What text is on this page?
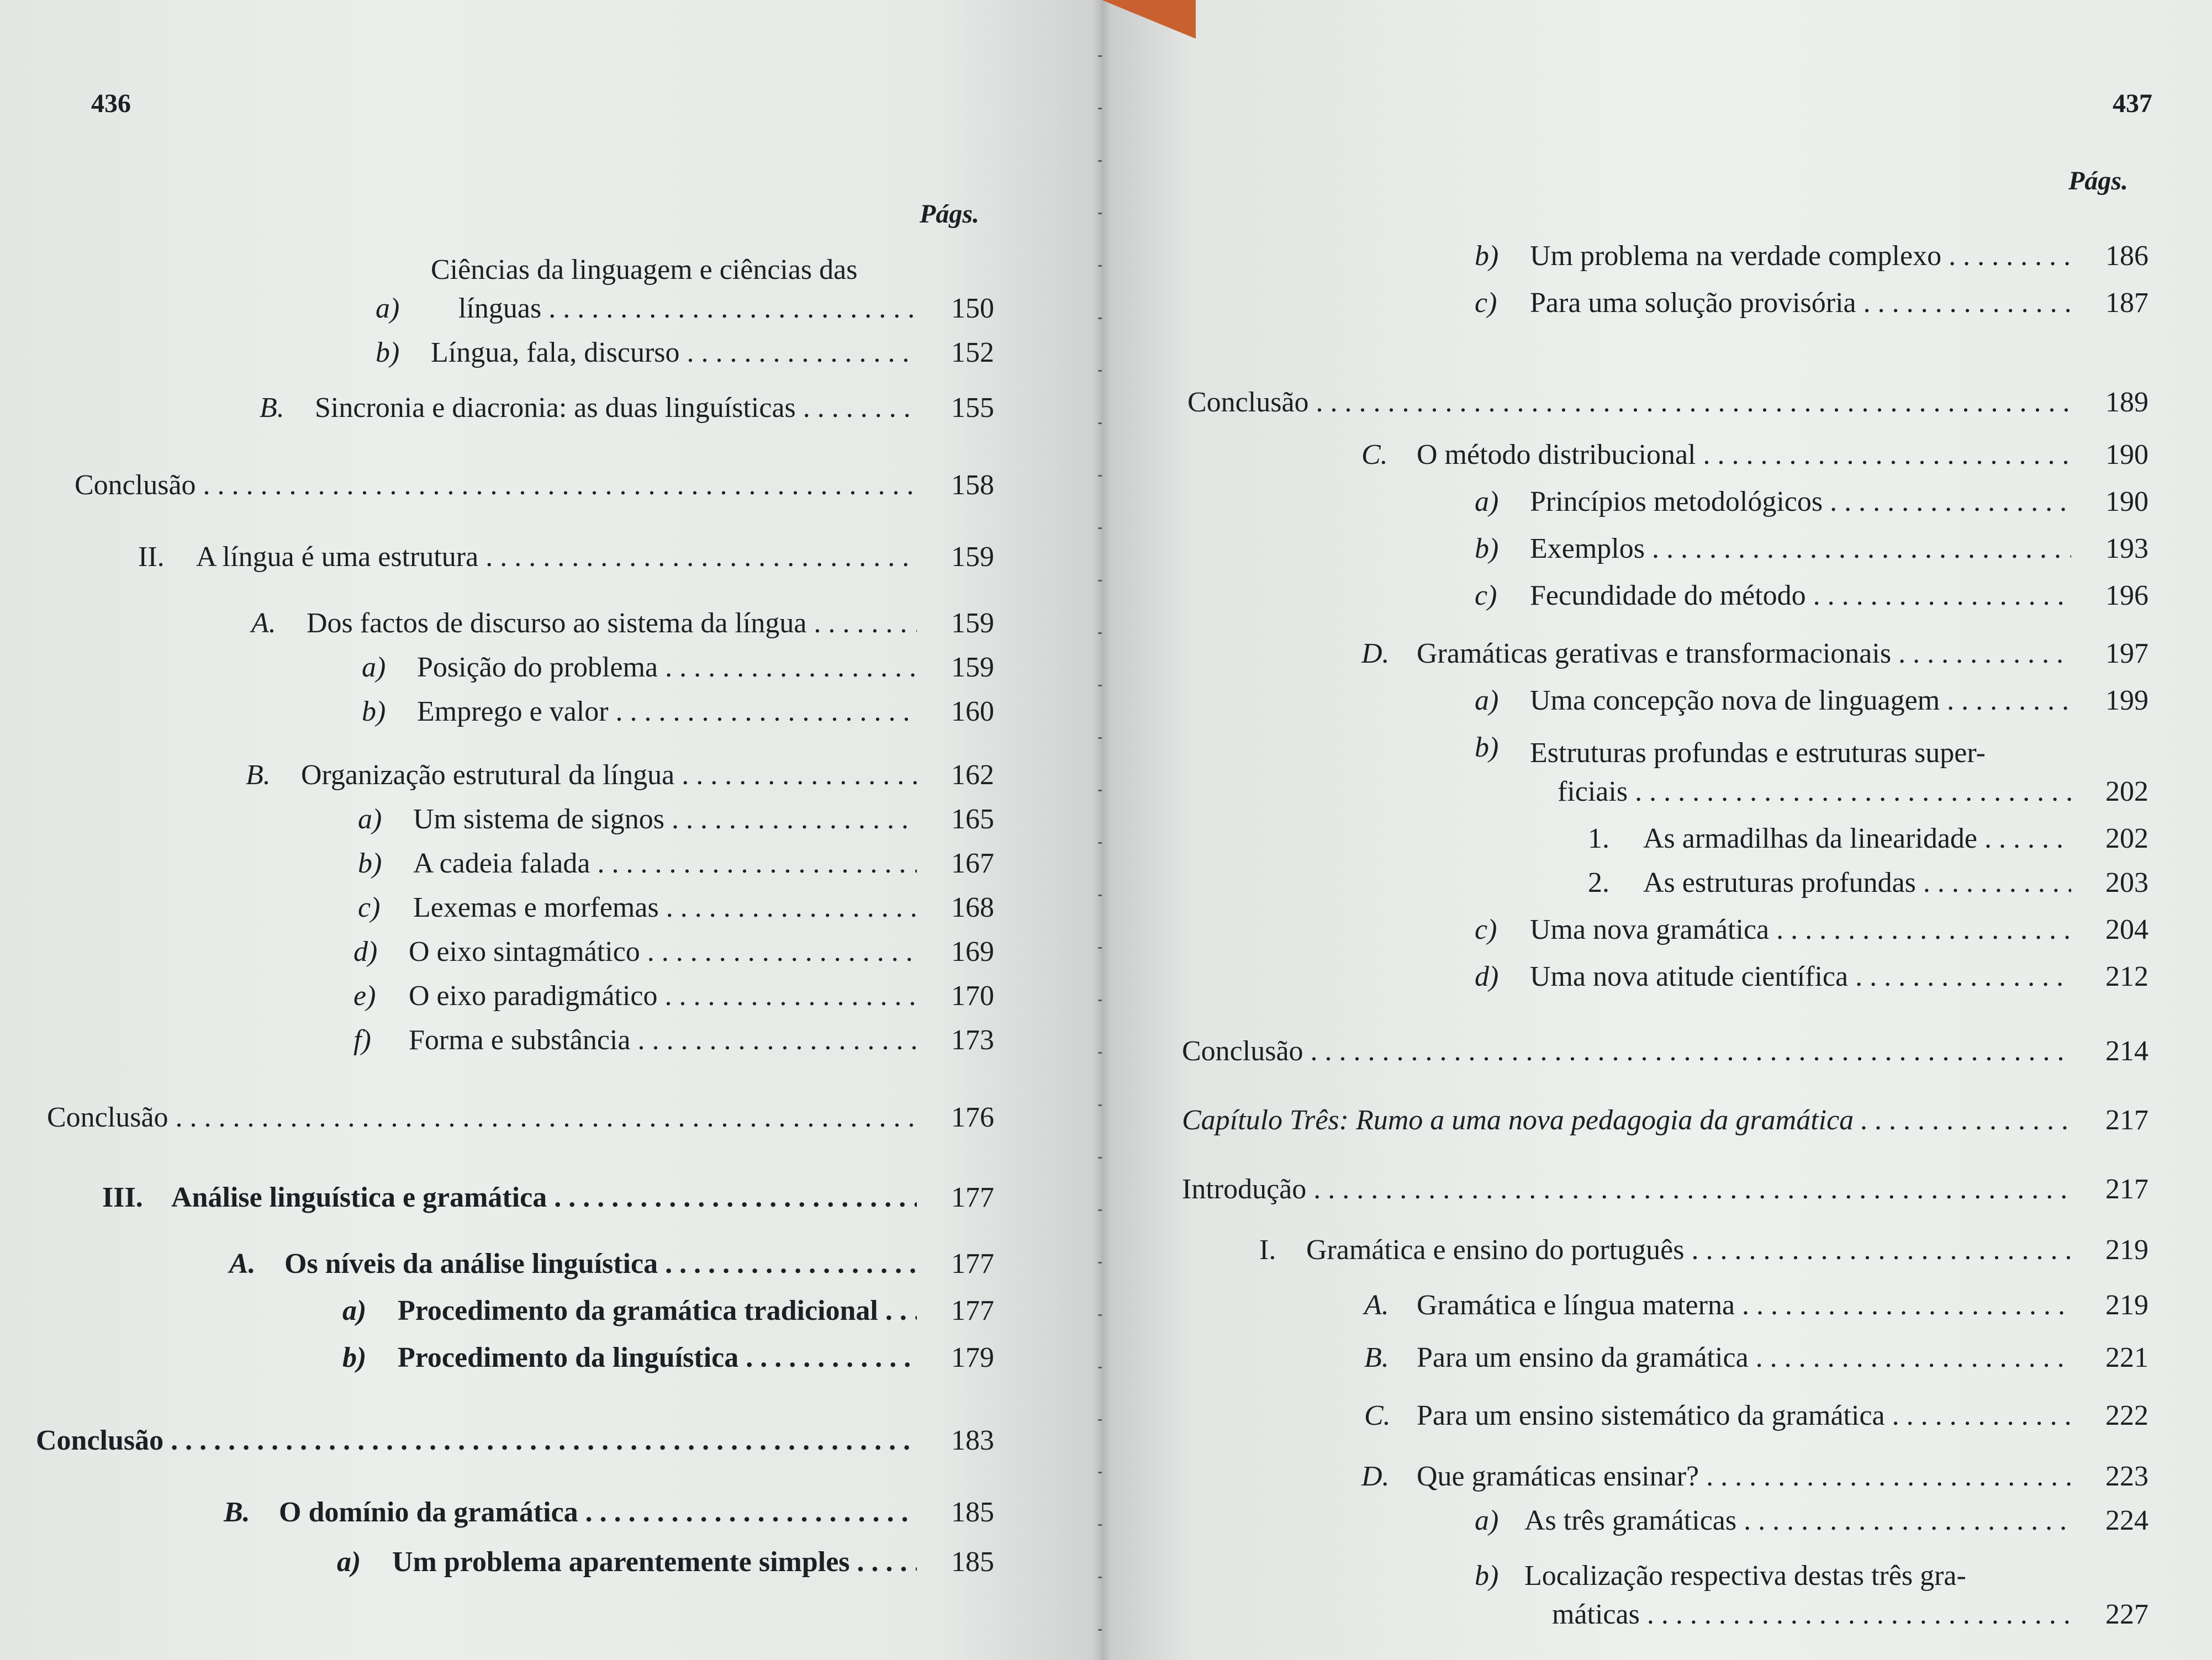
436
Págs.
a)
Ciências da linguagem e ciências das
línguas . . .	150
b) Língua, fala, discurso . . .	152
B. Sincronia e diacronia: as duas linguísticas . . .	155
Conclusão . . .	158
II. A língua é uma estrutura . . .	159
A. Dos factos de discurso ao sistema da língua . . .	159
a) Posição do problema . . .	159
b) Emprego e valor . . .	160
B. Organização estrutural da língua . . .	162
a) Um sistema de signos . . .	165
b) A cadeia falada . . .	167
c) Lexemas e morfemas . . .	168
d) O eixo sintagmático . . .	169
e) O eixo paradigmático . . .	170
f) Forma e substância . . .	173
Conclusão . . .	176
III. Análise linguística e gramática . . .	177
A. Os níveis da análise linguística . . .	177
a) Procedimento da gramática tradicional . . .	177
b) Procedimento da linguística . . .	179
Conclusão . . .	183
B. O domínio da gramática . . .	185
a) Um problema aparentemente simples . . .	185
437
Págs.
b) Um problema na verdade complexo . . .	186
c) Para uma solução provisória . . .	187
Conclusão . . .	189
C. O método distribucional . . .	190
a) Princípios metodológicos . . .	190
b) Exemplos . . .	193
c) Fecundidade do método . . .	196
D. Gramáticas gerativas e transformacionais . . .	197
a) Uma concepção nova de linguagem . . .	199
b) Estruturas profundas e estruturas super-
ficiais . . .	202
1. As armadilhas da linearidade . . .	202
2. As estruturas profundas . . .	203
c) Uma nova gramática . . .	204
d) Uma nova atitude científica . . .	212
Conclusão . . .	214
Capítulo Três: Rumo a uma nova pedagogia da gramática . . .	217
Introdução . . .	217
I. Gramática e ensino do português . . .	219
A. Gramática e língua materna . . .	219
B. Para um ensino da gramática . . .	221
C. Para um ensino sistemático da gramática . . .	222
D. Que gramáticas ensinar? . . .	223
a) As três gramáticas . . .	224
b) Localização respectiva destas três gra-
máticas . . .	227
